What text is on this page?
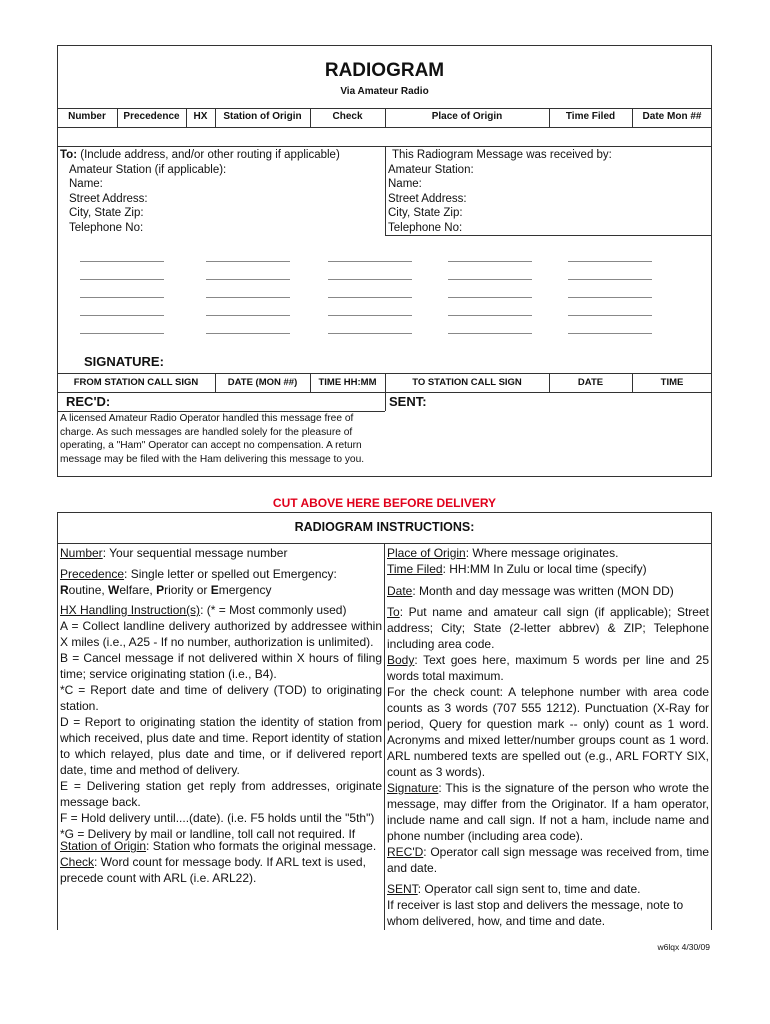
RADIOGRAM
Via Amateur Radio
Number	Precedence	HX	Station of Origin	Check	Place of Origin	Time Filed	Date Mon ##
To: (Include address, and/or other routing if applicable)
Amateur Station (if applicable):
Name:
Street Address:
City, State Zip:
Telephone No:
This Radiogram Message was received by:
Amateur Station:
Name:
Street Address:
City, State Zip:
Telephone No:
SIGNATURE:
FROM STATION CALL SIGN	DATE (MON ##)	TIME HH:MM	TO STATION CALL SIGN	DATE	TIME
REC'D:	SENT:
A licensed Amateur Radio Operator handled this message free of charge. As such messages are handled solely for the pleasure of operating, a "Ham" Operator can accept no compensation. A return message may be filed with the Ham delivering this message to you.
CUT ABOVE HERE BEFORE DELIVERY
RADIOGRAM INSTRUCTIONS:

Number: Your sequential message number

Precedence: Single letter or spelled out Emergency:

Routine, Welfare, Priority or Emergency

HX Handling Instruction(s): (* = Most commonly used)

A = Collect landline delivery authorized by addressee within X miles (i.e., A25 - If no number, authorization is unlimited).

B = Cancel message if not delivered within X hours of filing time; service originating station (i.e., B4).

*C = Report date and time of delivery (TOD) to originating station.

D = Report to originating station the identity of station from which received, plus date and time. Report identity of station to which relayed, plus date and time, or if delivered report date, time and method of delivery.

E = Delivering station get reply from addresses, originate message back.

F = Hold delivery until....(date). (i.e. F5 holds until the "5th")

*G = Delivery by mail or landline, toll call not required. If

Station of Origin: Station who formats the original message.

Check: Word count for message body. If ARL text is used, precede count with ARL (i.e. ARL22).

Place of Origin: Where message originates.

Time Filed: HH:MM In Zulu or local time (specify)

Date: Month and day message was written (MON DD)

To: Put name and amateur call sign (if applicable); Street address; City; State (2-letter abbrev) & ZIP; Telephone including area code.

Body: Text goes here, maximum 5 words per line and 25 words total maximum.

For the check count: A telephone number with area code counts as 3 words (707 555 1212). Punctuation (X-Ray for period, Query for question mark -- only) count as 1 word. Acronyms and mixed letter/number groups count as 1 word. ARL numbered texts are spelled out (e.g., ARL FORTY SIX, count as 3 words).

Signature: This is the signature of the person who wrote the message, may differ from the Originator. If a ham operator, include name and call sign. If not a ham, include name and phone number (including area code).

REC'D: Operator call sign message was received from, time and date.

SENT: Operator call sign sent to, time and date.

If receiver is last stop and delivers the message, note to whom delivered, how, and time and date.

w6lqx 4/30/09
